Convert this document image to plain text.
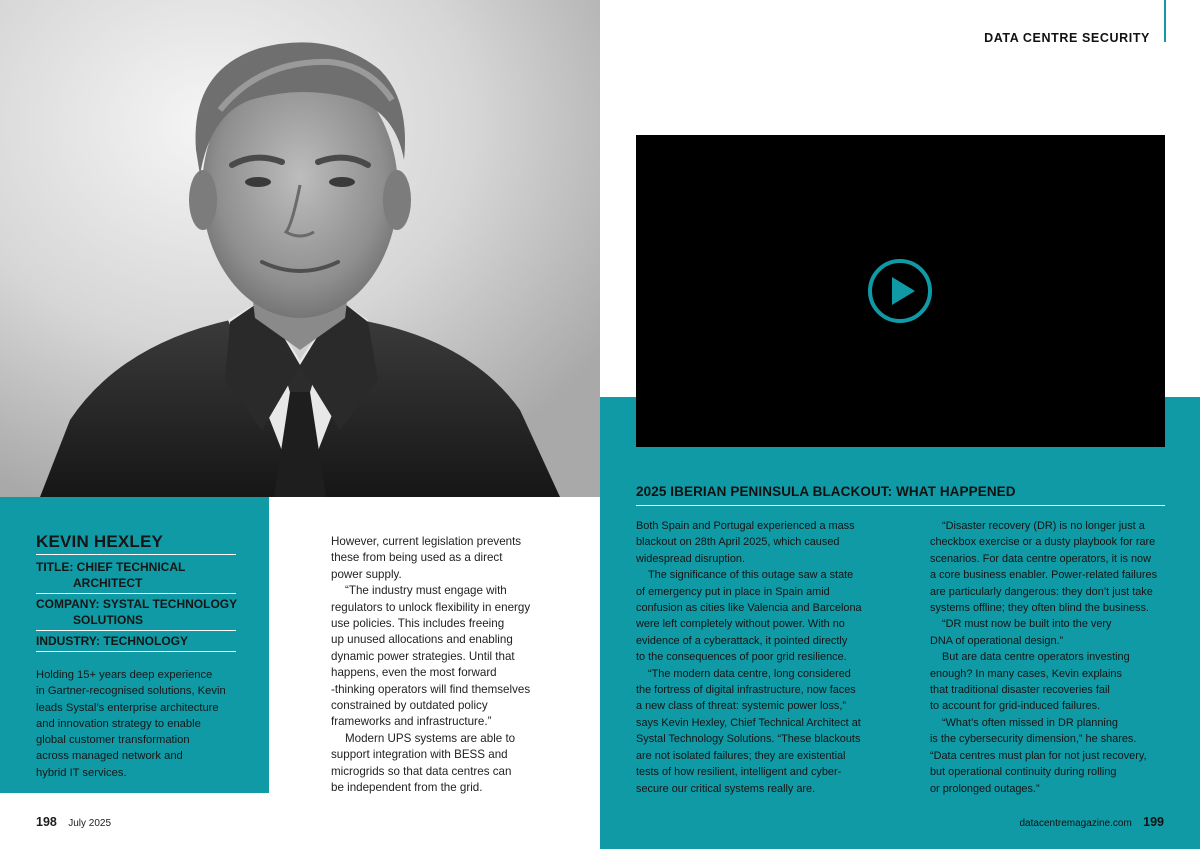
KEVIN HEXLEY
TITLE: CHIEF TECHNICAL
ARCHITECT
COMPANY: SYSTAL TECHNOLOGY
SOLUTIONS
INDUSTRY: TECHNOLOGY
Holding 15+ years deep experience
in Gartner-recognised solutions, Kevin
leads Systal’s enterprise architecture
and innovation strategy to enable
global customer transformation
across managed network and
hybrid IT services.

However, current legislation prevents

these from being used as a direct

power supply.

“The industry must engage with

regulators to unlock flexibility in energy

use policies. This includes freeing

up unused allocations and enabling

dynamic power strategies. Until that

happens, even the most forward

-thinking operators will find themselves

constrained by outdated policy

frameworks and infrastructure.”

Modern UPS systems are able to

support integration with BESS and

microgrids so that data centres can

be independent from the grid.

198 July 2025
DATA CENTRE SECURITY
2025 IBERIAN PENINSULA BLACKOUT: WHAT HAPPENED

Both Spain and Portugal experienced a mass

blackout on 28th April 2025, which caused

widespread disruption.

The significance of this outage saw a state

of emergency put in place in Spain amid

confusion as cities like Valencia and Barcelona

were left completely without power. With no

evidence of a cyberattack, it pointed directly

to the consequences of poor grid resilience.

“The modern data centre, long considered

the fortress of digital infrastructure, now faces

a new class of threat: systemic power loss,”

says Kevin Hexley, Chief Technical Architect at

Systal Technology Solutions. “These blackouts

are not isolated failures; they are existential

tests of how resilient, intelligent and cyber-

secure our critical systems really are.

“Disaster recovery (DR) is no longer just a

checkbox exercise or a dusty playbook for rare

scenarios. For data centre operators, it is now

a core business enabler. Power-related failures

are particularly dangerous: they don’t just take

systems offline; they often blind the business.

“DR must now be built into the very

DNA of operational design.”

But are data centre operators investing

enough? In many cases, Kevin explains

that traditional disaster recoveries fail

to account for grid-induced failures.

“What’s often missed in DR planning

is the cybersecurity dimension,” he shares.

“Data centres must plan for not just recovery,

but operational continuity during rolling

or prolonged outages.”

datacentremagazine.com 199
